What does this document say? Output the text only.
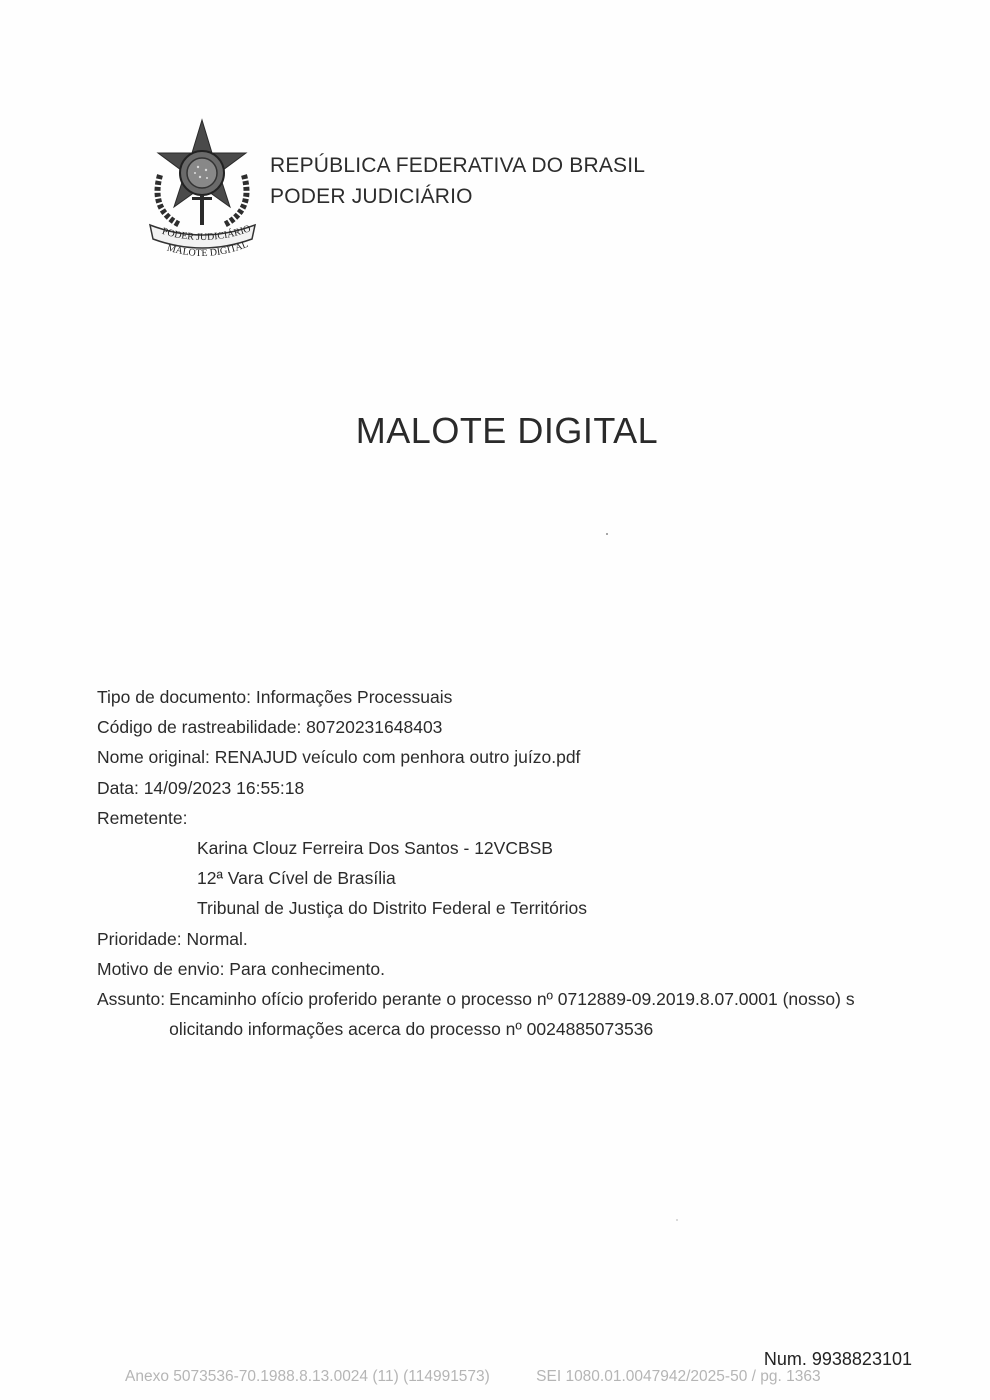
PODER JUDICIÁRIO
MALOTE DIGITAL
REPÚBLICA FEDERATIVA DO BRASIL
PODER JUDICIÁRIO
MALOTE DIGITAL
Tipo de documento: Informações Processuais
Código de rastreabilidade: 80720231648403
Nome original: RENAJUD veículo com penhora outro juízo.pdf
Data: 14/09/2023 16:55:18
Remetente:
Karina Clouz Ferreira Dos Santos - 12VCBSB
12ª Vara Cível de Brasília
Tribunal de Justiça do Distrito Federal e Territórios
Prioridade: Normal.
Motivo de envio: Para conhecimento.
Assunto: Encaminho ofício proferido perante o processo nº 0712889-09.2019.8.07.0001 (nosso) s
olicitando informações acerca do processo nº 0024885073536
Num. 9938823101
Anexo 5073536-70.1988.8.13.0024 (11) (114991573)	SEI 1080.01.0047942/2025-50 / pg. 1363
